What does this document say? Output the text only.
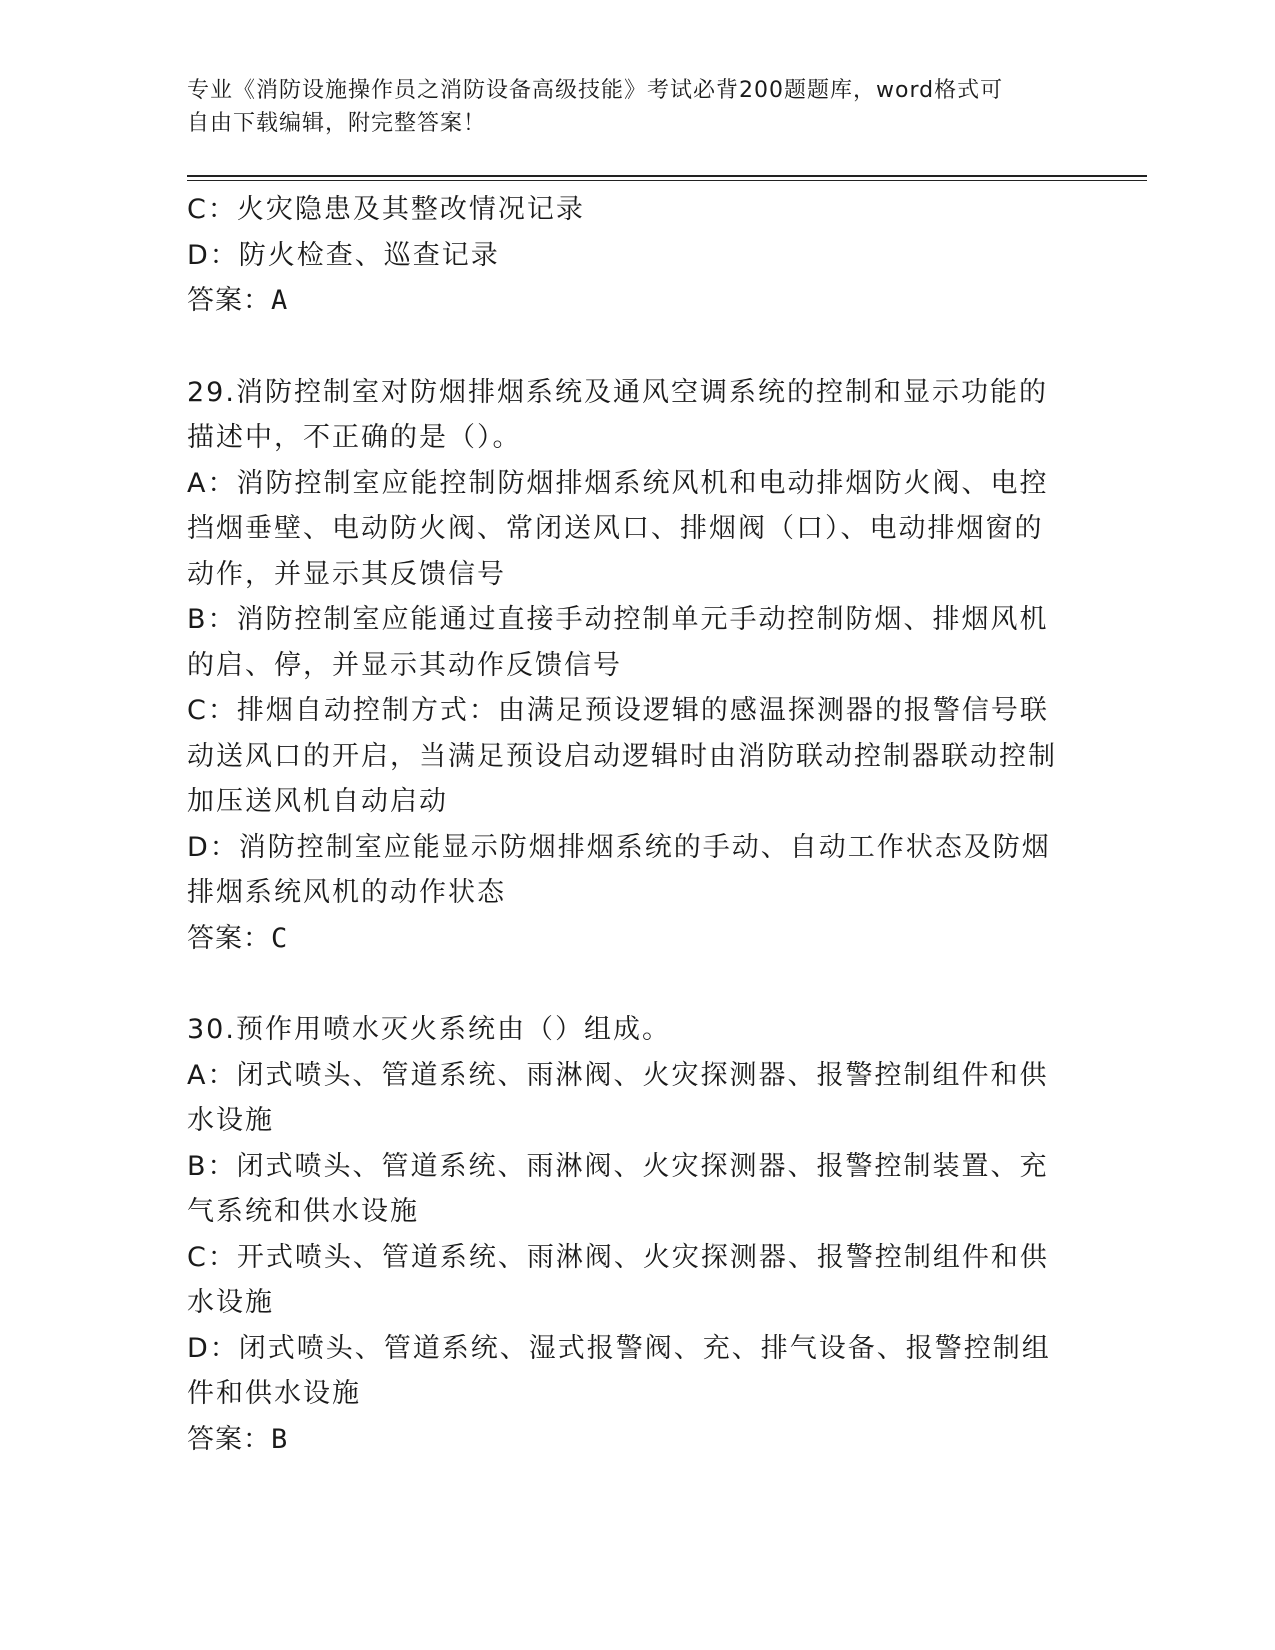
专业《消防设施操作员之消防设备高级技能》考试必背200题题库，word格式可
自由下载编辑，附完整答案！

C：火灾隐患及其整改情况记录

D：防火检查、巡查记录

答案：A

29.消防控制室对防烟排烟系统及通风空调系统的控制和显示功能的描述中，不正确的是（）。

A：消防控制室应能控制防烟排烟系统风机和电动排烟防火阀、电控挡烟垂壁、电动防火阀、常闭送风口、排烟阀（口）、电动排烟窗的动作，并显示其反馈信号

B：消防控制室应能通过直接手动控制单元手动控制防烟、排烟风机的启、停，并显示其动作反馈信号

C：排烟自动控制方式：由满足预设逻辑的感温探测器的报警信号联动送风口的开启，当满足预设启动逻辑时由消防联动控制器联动控制加压送风机自动启动

D：消防控制室应能显示防烟排烟系统的手动、自动工作状态及防烟排烟系统风机的动作状态

答案：C

30.预作用喷水灭火系统由（）组成。

A：闭式喷头、管道系统、雨淋阀、火灾探测器、报警控制组件和供水设施

B：闭式喷头、管道系统、雨淋阀、火灾探测器、报警控制装置、充气系统和供水设施

C：开式喷头、管道系统、雨淋阀、火灾探测器、报警控制组件和供水设施

D：闭式喷头、管道系统、湿式报警阀、充、排气设备、报警控制组件和供水设施

答案：B
